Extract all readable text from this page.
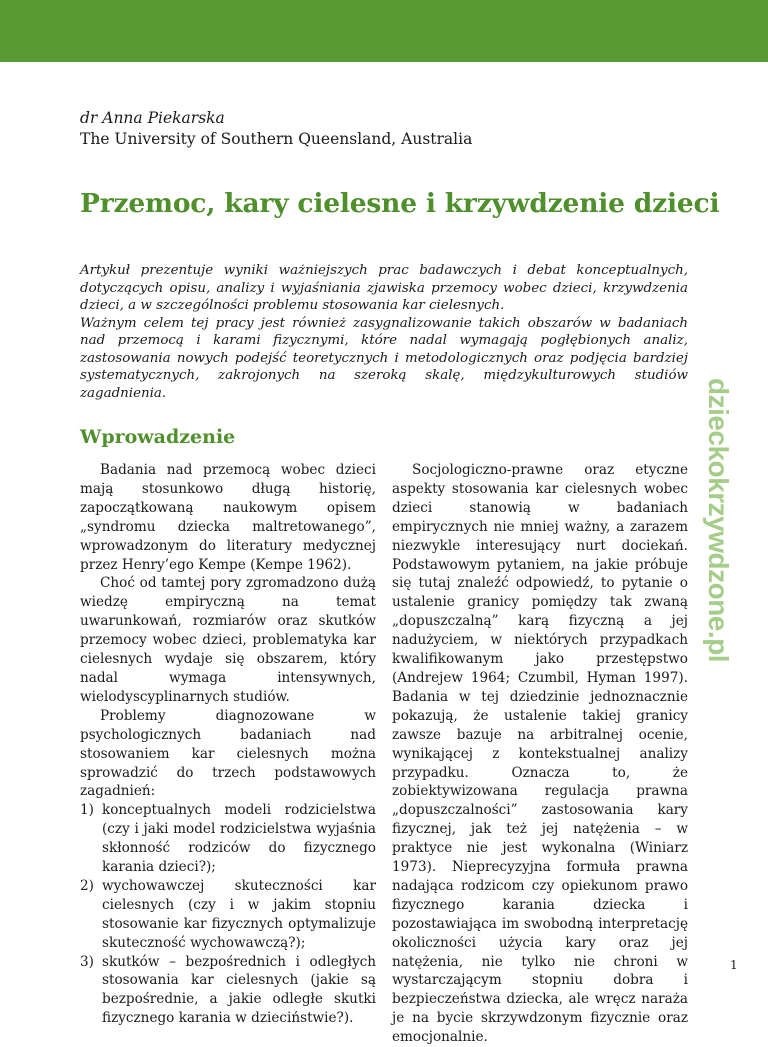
dr Anna Piekarska
The University of Southern Queensland, Australia
Przemoc, kary cielesne i krzywdzenie dzieci

Artykuł prezentuje wyniki ważniejszych prac badawczych i debat konceptualnych, dotyczących opisu, analizy i wyjaśniania zjawiska przemocy wobec dzieci, krzywdzenia dzieci, a w szczególności problemu stosowania kar cielesnych.

Ważnym celem tej pracy jest również zasygnalizowanie takich obszarów w badaniach nad przemocą i karami fizycznymi, które nadal wymagają pogłębionych analiz, zastosowania nowych podejść teoretycznych i metodologicznych oraz podjęcia bardziej systematycznych, zakrojonych na szeroką skalę, międzykulturowych studiów zagadnienia.	dzieckokrzywdzone.pl
Wprowadzenie

Badania nad przemocą wobec dzieci mają stosunkowo długą historię, zapoczątkowaną naukowym opisem „syndromu dziecka maltretowanego”, wprowadzonym do literatury medycznej przez Henry’ego Kempe (Kempe 1962).

Choć od tamtej pory zgromadzono dużą wiedzę empiryczną na temat uwarunkowań, rozmiarów oraz skutków przemocy wobec dzieci, problematyka kar cielesnych wydaje się obszarem, który nadal wymaga intensywnych, wielodyscyplinarnych studiów.

Problemy diagnozowane w psychologicznych badaniach nad stosowaniem kar cielesnych można sprowadzić do trzech podstawowych zagadnień:

1) konceptualnych modeli rodzicielstwa (czy i jaki model rodzicielstwa wyjaśnia skłonność rodziców do fizycznego karania dzieci?);
2) wychowawczej skuteczności kar cielesnych (czy i w jakim stopniu stosowanie kar fizycznych optymalizuje skuteczność wychowawczą?);
3) skutków – bezpośrednich i odległych stosowania kar cielesnych (jakie są bezpośrednie, a jakie odległe skutki fizycznego karania w dzieciństwie?).

Socjologiczno-prawne oraz etyczne aspekty stosowania kar cielesnych wobec dzieci stanowią w badaniach empirycznych nie mniej ważny, a zarazem niezwykle interesujący nurt dociekań. Podstawowym pytaniem, na jakie próbuje się tutaj znaleźć odpowiedź, to pytanie o ustalenie granicy pomiędzy tak zwaną „dopuszczalną” karą fizyczną a jej nadużyciem, w niektórych przypadkach kwalifikowanym jako przestępstwo (Andrejew 1964; Czumbil, Hyman 1997). Badania w tej dziedzinie jednoznacznie pokazują, że ustalenie takiej granicy zawsze bazuje na arbitralnej ocenie, wynikającej z kontekstualnej analizy przypadku. Oznacza to, że zobiektywizowana regulacja prawna „dopuszczalności” zastosowania kary fizycznej, jak też jej natężenia – w praktyce nie jest wykonalna (Winiarz 1973). Nieprecyzyjna formuła prawna nadająca rodzicom czy opiekunom prawo fizycznego karania dziecka i pozostawiająca im swobodną interpretację okoliczności użycia kary oraz jej natężenia, nie tylko nie chroni w wystarczającym stopniu dobra i bezpieczeństwa dziecka, ale wręcz naraża je na bycie skrzywdzonym fizycznie oraz emocjonalnie.

1
